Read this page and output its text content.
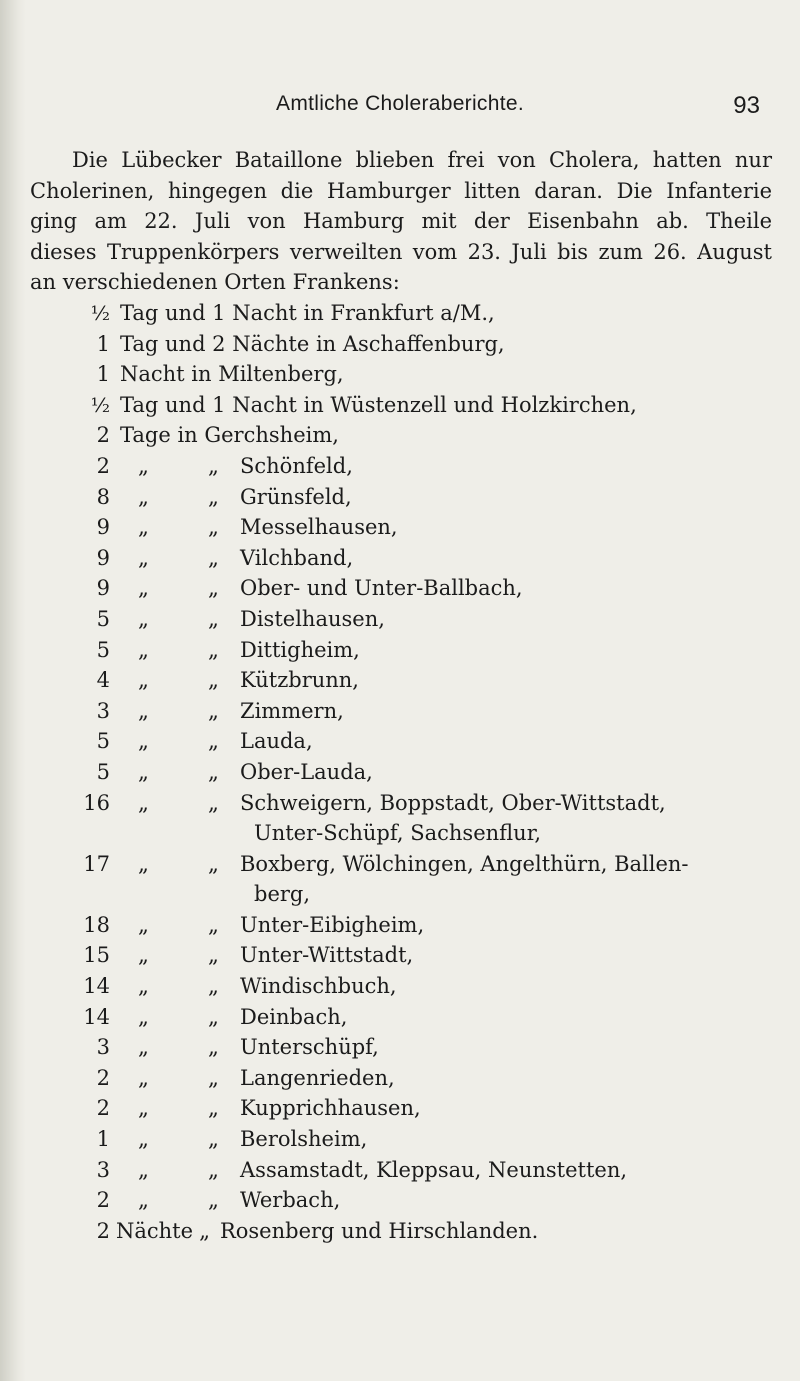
Amtliche Choleraberichte.	93
Die Lübecker Bataillone blieben frei von Cholera, hatten nur
Cholerinen, hingegen die Hamburger litten daran. Die Infanterie
ging am 22. Juli von Hamburg mit der Eisenbahn ab. Theile
dieses Truppenkörpers verweilten vom 23. Juli bis zum 26. August
an verschiedenen Orten Frankens:
½ Tag und 1 Nacht in Frankfurt a/M.,
1 Tag und 2 Nächte in Aschaffenburg,
1 Nacht in Miltenberg,
½ Tag und 1 Nacht in Wüstenzell und Holzkirchen,
2 Tage in Gerchsheim,
2 „	„ Schönfeld,
8 „	„ Grünsfeld,
9 „	„ Messelhausen,
9 „	„ Vilchband,
9 „	„ Ober- und Unter-Ballbach,
5 „	„ Distelhausen,
5 „	„ Dittigheim,
4 „	„ Kützbrunn,
3 „	„ Zimmern,
5 „	„ Lauda,
5 „	„ Ober-Lauda,
16 „	„ Schweigern, Boppstadt, Ober-Wittstadt,
Unter-Schüpf, Sachsenflur,
17 „	„ Boxberg, Wölchingen, Angelthürn, Ballen-
berg,
18 „	„ Unter-Eibigheim,
15 „	„ Unter-Wittstadt,
14 „	„ Windischbuch,
14 „	„ Deinbach,
3 „	„ Unterschüpf,
2 „	„ Langenrieden,
2 „	„ Kupprichhausen,
1 „	„ Berolsheim,
3 „	„ Assamstadt, Kleppsau, Neunstetten,
2 „	„ Werbach,
2 Nächte „ Rosenberg und Hirschlanden.
